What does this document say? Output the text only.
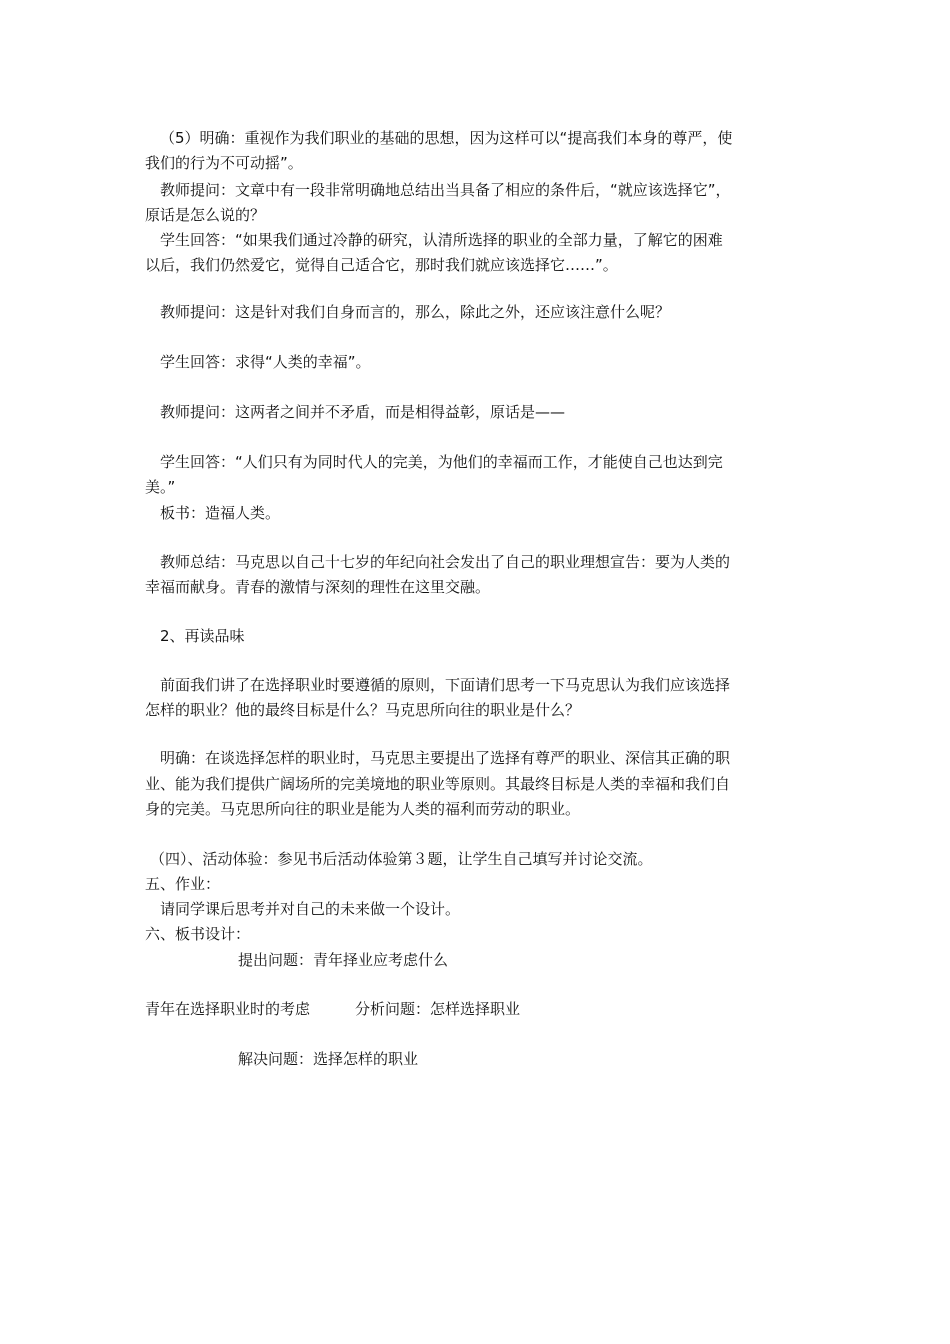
（5）明确：重视作为我们职业的基础的思想，因为这样可以“提高我们本身的尊严，使
我们的行为不可动摇”。
教师提问：文章中有一段非常明确地总结出当具备了相应的条件后，“就应该选择它”，
原话是怎么说的？
学生回答：“如果我们通过冷静的研究，认清所选择的职业的全部力量，了解它的困难
以后，我们仍然爱它，觉得自己适合它，那时我们就应该选择它……”。
教师提问：这是针对我们自身而言的，那么，除此之外，还应该注意什么呢？
学生回答：求得“人类的幸福”。
教师提问：这两者之间并不矛盾，而是相得益彰，原话是——
学生回答：“人们只有为同时代人的完美，为他们的幸福而工作，才能使自己也达到完
美。”
板书：造福人类。
教师总结：马克思以自己十七岁的年纪向社会发出了自己的职业理想宣告：要为人类的
幸福而献身。青春的激情与深刻的理性在这里交融。
2、再读品味
前面我们讲了在选择职业时要遵循的原则，下面请们思考一下马克思认为我们应该选择
怎样的职业？他的最终目标是什么？马克思所向往的职业是什么？
明确：在谈选择怎样的职业时，马克思主要提出了选择有尊严的职业、深信其正确的职
业、能为我们提供广阔场所的完美境地的职业等原则。其最终目标是人类的幸福和我们自
身的完美。马克思所向往的职业是能为人类的福利而劳动的职业。
（四）、活动体验：参见书后活动体验第３题，让学生自己填写并讨论交流。
五、作业：
请同学课后思考并对自己的未来做一个设计。
六、板书设计：
提出问题：青年择业应考虑什么
青年在选择职业时的考虑	分析问题：怎样选择职业
解决问题：选择怎样的职业
